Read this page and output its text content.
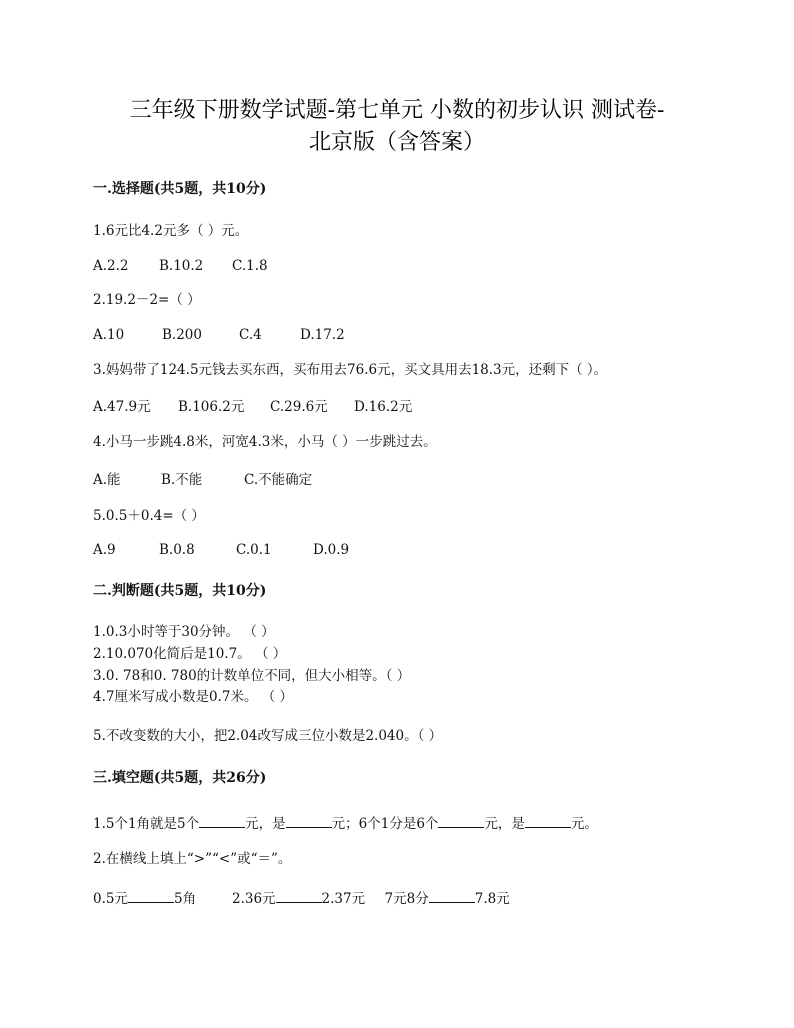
三年级下册数学试题-第七单元 小数的初步认识 测试卷-
北京版（含答案）
一.选择题(共5题，共10分)
1.6元比4.2元多（ ）元。
A.2.2 B.10.2 C.1.8
2.19.2－2=（ ）
A.10	B.200	C.4	D.17.2
3.妈妈带了124.5元钱去买东西，买布用去76.6元，买文具用去18.3元，还剩下（ ）。
A.47.9元 B.106.2元 C.29.6元 D.16.2元
4.小马一步跳4.8米，河宽4.3米，小马（ ）一步跳过去。
A.能	B.不能	C.不能确定
5.0.5＋0.4=（ ）
A.9	B.0.8	C.0.1	D.0.9
二.判断题(共5题，共10分)
1.0.3小时等于30分钟。 （ ）
2.10.070化简后是10.7。 （ ）
3.0. 78和0. 780的计数单位不同，但大小相等。（ ）
4.7厘米写成小数是0.7米。 （ ）
5.不改变数的大小，把2.04改写成三位小数是2.040。（ ）
三.填空题(共5题，共26分)
1.5个1角就是5个	元，是	元；6个1分是6个	元，是	元。
2.在横线上填上“>”“<”或“＝”。
0.5元	5角	2.36元	2.37元 7元8分	7.8元
